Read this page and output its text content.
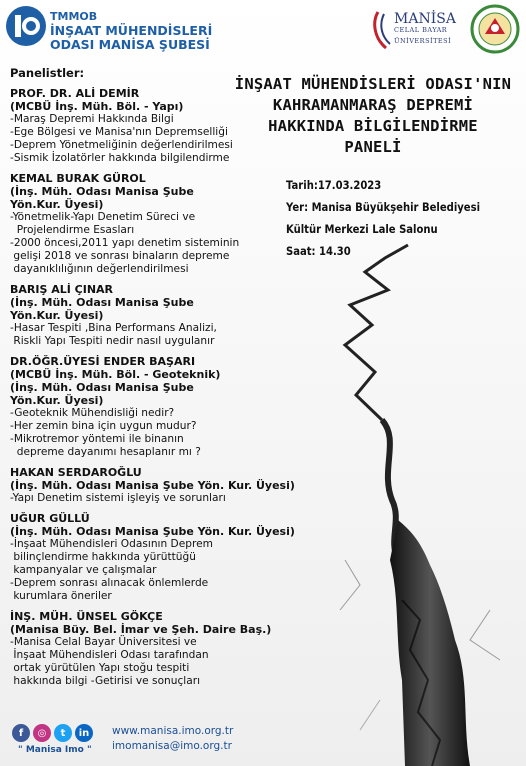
TMMOB
İNŞAAT MÜHENDİSLERİ
ODASI MANİSA ŞUBESİ
MANİSA
CELAL BAYAR
ÜNİVERSİTESİ
İNŞAAT MÜHENDİSLERİ ODASI'NIN
KAHRAMANMARAŞ DEPREMİ
HAKKINDA BİLGİLENDİRME
PANELİ
Tarih:17.03.2023
Yer: Manisa Büyükşehir Belediyesi
Kültür Merkezi Lale Salonu
Saat: 14.30
Panelistler:
PROF. DR. ALİ DEMİR
(MCBÜ İnş. Müh. Böl. - Yapı)
-Maraş Depremi Hakkında Bilgi
-Ege Bölgesi ve Manisa'nın Depremselliği
-Deprem Yönetmeliğinin değerlendirilmesi
-Sismik İzolatörler hakkında bilgilendirme
KEMAL BURAK GÜROL
(İnş. Müh. Odası Manisa Şube
Yön.Kur. Üyesi)
-Yönetmelik-Yapı Denetim Süreci ve
Projelendirme Esasları
-2000 öncesi,2011 yapı denetim sisteminin
gelişi 2018 ve sonrası binaların depreme
dayanıklılığının değerlendirilmesi
BARIŞ ALİ ÇINAR
(İnş. Müh. Odası Manisa Şube
Yön.Kur. Üyesi)
-Hasar Tespiti ,Bina Performans Analizi,
Riskli Yapı Tespiti nedir nasıl uygulanır
DR.ÖĞR.ÜYESİ ENDER BAŞARI
(MCBÜ İnş. Müh. Böl. - Geoteknik)
(İnş. Müh. Odası Manisa Şube
Yön.Kur. Üyesi)
-Geoteknik Mühendisliği nedir?
-Her zemin bina için uygun mudur?
-Mikrotremor yöntemi ile binanın
depreme dayanımı hesaplanır mı ?
HAKAN SERDAROĞLU
(İnş. Müh. Odası Manisa Şube Yön. Kur. Üyesi)
-Yapı Denetim sistemi işleyiş ve sorunları
UĞUR GÜLLÜ
(İnş. Müh. Odası Manisa Şube Yön. Kur. Üyesi)
-İnşaat Mühendisleri Odasının Deprem
bilinçlendirme hakkında yürüttüğü
kampanyalar ve çalışmalar
-Deprem sonrası alınacak önlemlerde
kurumlara öneriler
İNŞ. MÜH. ÜNSEL GÖKÇE
(Manisa Büy. Bel. İmar ve Şeh. Daire Baş.)
-Manisa Celal Bayar Üniversitesi ve
İnşaat Mühendisleri Odası tarafından
ortak yürütülen Yapı stoğu tespiti
hakkında bilgi -Getirisi ve sonuçları
f	◎	t	in
" Manisa Imo "
www.manisa.imo.org.tr
imomanisa@imo.org.tr
